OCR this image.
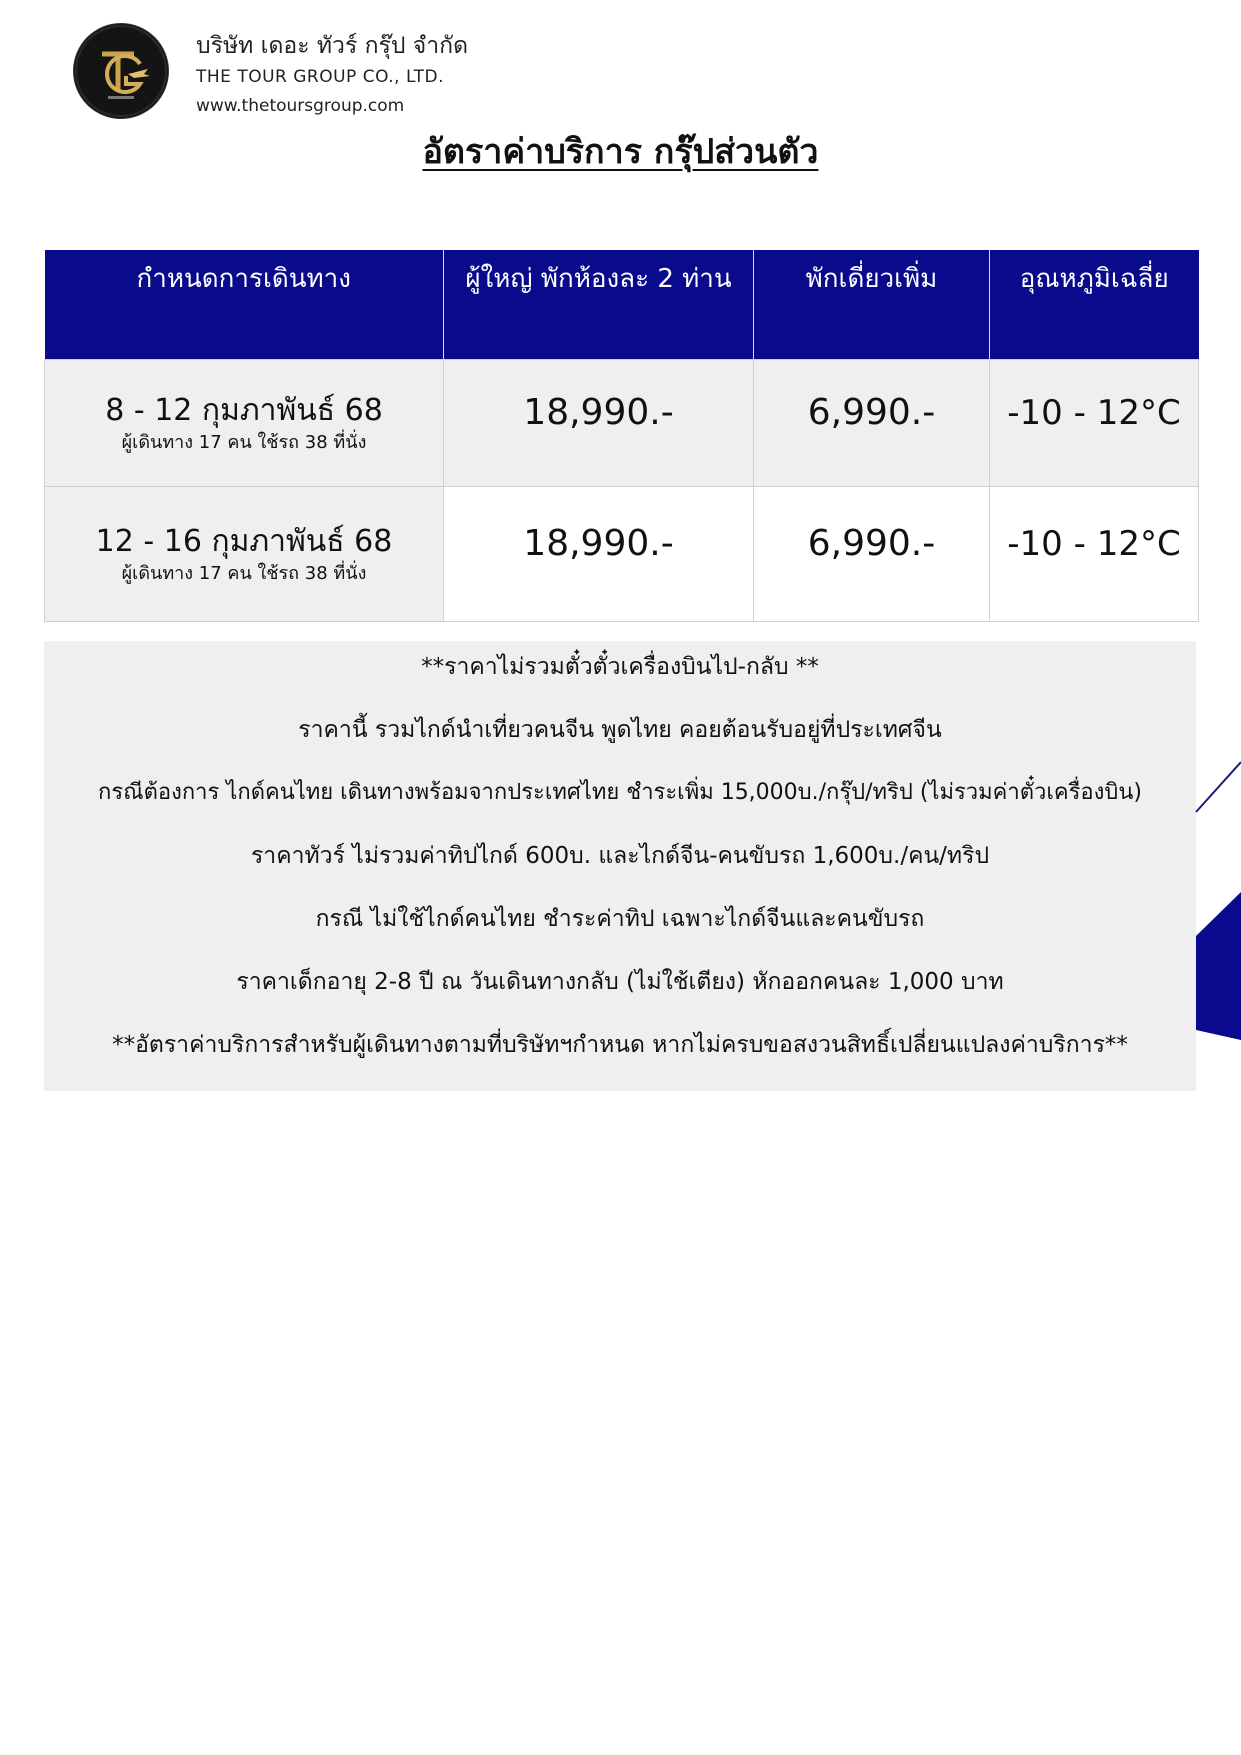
บริษัท เดอะ ทัวร์ กรุ๊ป จำกัด
THE TOUR GROUP CO., LTD.
www.thetoursgroup.com
อัตราค่าบริการ กรุ๊ปส่วนตัว
กำหนดการเดินทาง	ผู้ใหญ่ พักห้องละ 2 ท่าน	พักเดี่ยวเพิ่ม	อุณหภูมิเฉลี่ย

8 - 12 กุมภาพันธ์ 68
ผู้เดินทาง 17 คน ใช้รถ 38 ที่นั่ง	18,990.-	6,990.-	-10 - 12°C

12 - 16 กุมภาพันธ์ 68
ผู้เดินทาง 17 คน ใช้รถ 38 ที่นั่ง	18,990.-	6,990.-	-10 - 12°C
**ราคาไม่รวมตั๋วตั๋วเครื่องบินไป-กลับ **
ราคานี้ รวมไกด์นำเที่ยวคนจีน พูดไทย คอยต้อนรับอยู่ที่ประเทศจีน
กรณีต้องการ ไกด์คนไทย เดินทางพร้อมจากประเทศไทย ชำระเพิ่ม 15,000บ./กรุ๊ป/ทริป (ไม่รวมค่าตั๋วเครื่องบิน)
ราคาทัวร์ ไม่รวมค่าทิปไกด์ 600บ. และไกด์จีน-คนขับรถ 1,600บ./คน/ทริป
กรณี ไม่ใช้ไกด์คนไทย ชำระค่าทิป เฉพาะไกด์จีนและคนขับรถ
ราคาเด็กอายุ 2-8 ปี ณ วันเดินทางกลับ (ไม่ใช้เตียง) หักออกคนละ 1,000 บาท
**อัตราค่าบริการสำหรับผู้เดินทางตามที่บริษัทฯกำหนด หากไม่ครบขอสงวนสิทธิ์เปลี่ยนแปลงค่าบริการ**
